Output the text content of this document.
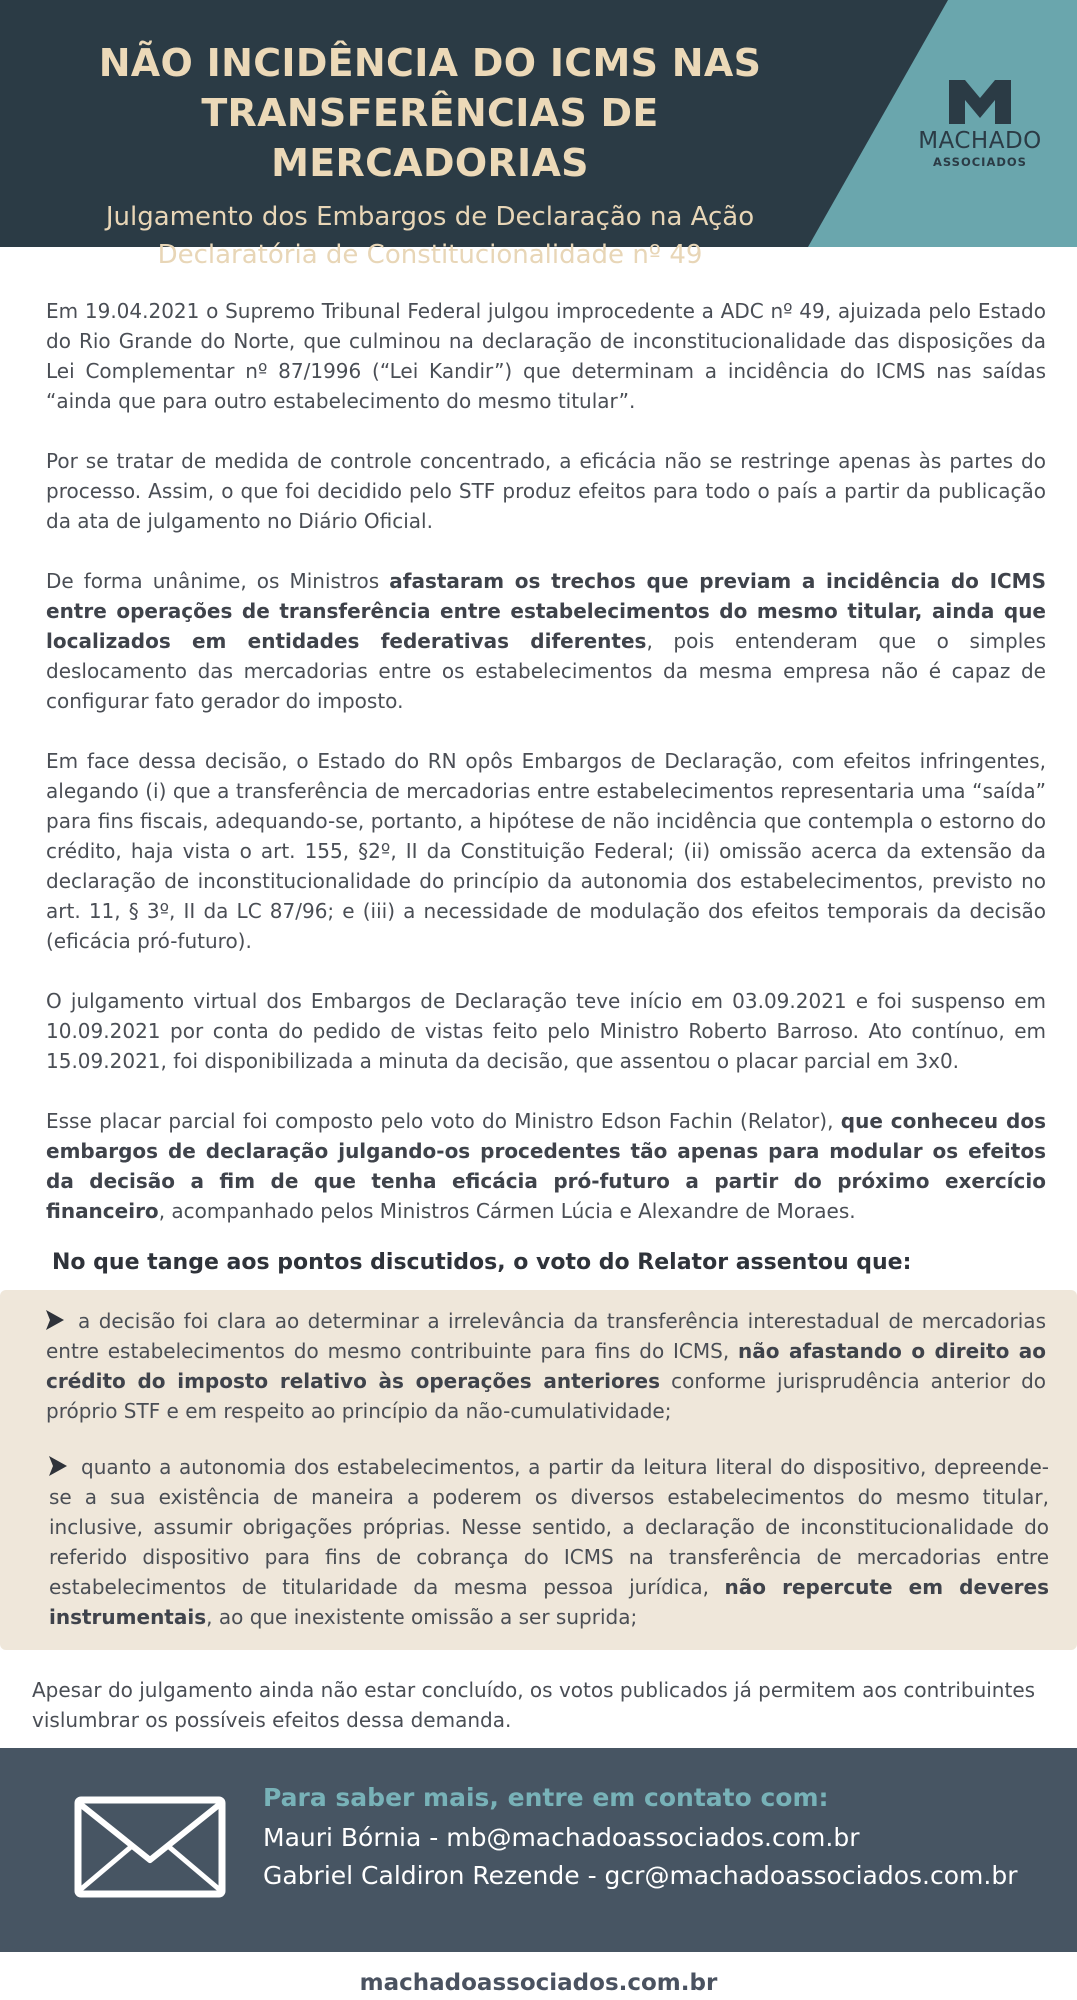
NÃO INCIDÊNCIA DO ICMS NAS
TRANSFERÊNCIAS DE MERCADORIAS
Julgamento dos Embargos de Declaração na Ação
Declaratória de Constitucionalidade nº 49
MACHADO
ASSOCIADOS

Em 19.04.2021 o Supremo Tribunal Federal julgou improcedente a ADC nº 49, ajuizada pelo Estado do Rio Grande do Norte, que culminou na declaração de inconstitucionalidade das disposições da Lei Complementar nº 87/1996 (“Lei Kandir”) que determinam a incidência do ICMS nas saídas “ainda que para outro estabelecimento do mesmo titular”.

Por se tratar de medida de controle concentrado, a eficácia não se restringe apenas às partes do processo. Assim, o que foi decidido pelo STF produz efeitos para todo o país a partir da publicação da ata de julgamento no Diário Oficial.

De forma unânime, os Ministros afastaram os trechos que previam a incidência do ICMS entre operações de transferência entre estabelecimentos do mesmo titular, ainda que localizados em entidades federativas diferentes, pois entenderam que o simples deslocamento das mercadorias entre os estabelecimentos da mesma empresa não é capaz de configurar fato gerador do imposto.

Em face dessa decisão, o Estado do RN opôs Embargos de Declaração, com efeitos infringentes, alegando (i) que a transferência de mercadorias entre estabelecimentos representaria uma “saída” para fins fiscais, adequando-se, portanto, a hipótese de não incidência que contempla o estorno do crédito, haja vista o art. 155, §2º, II da Constituição Federal; (ii) omissão acerca da extensão da declaração de inconstitucionalidade do princípio da autonomia dos estabelecimentos, previsto no art. 11, § 3º, II da LC 87/96; e (iii) a necessidade de modulação dos efeitos temporais da decisão (eficácia pró-futuro).

O julgamento virtual dos Embargos de Declaração teve início em 03.09.2021 e foi suspenso em 10.09.2021 por conta do pedido de vistas feito pelo Ministro Roberto Barroso. Ato contínuo, em 15.09.2021, foi disponibilizada a minuta da decisão, que assentou o placar parcial em 3x0.

Esse placar parcial foi composto pelo voto do Ministro Edson Fachin (Relator), que conheceu dos embargos de declaração julgando-os procedentes tão apenas para modular os efeitos da decisão a fim de que tenha eficácia pró-futuro a partir do próximo exercício financeiro, acompanhado pelos Ministros Cármen Lúcia e Alexandre de Moraes.

No que tange aos pontos discutidos, o voto do Relator assentou que:

a decisão foi clara ao determinar a irrelevância da transferência interestadual de mercadorias entre estabelecimentos do mesmo contribuinte para fins do ICMS, não afastando o direito ao crédito do imposto relativo às operações anteriores conforme jurisprudência anterior do próprio STF e em respeito ao princípio da não-cumulatividade;

quanto a autonomia dos estabelecimentos, a partir da leitura literal do dispositivo, depreende-se a sua existência de maneira a poderem os diversos estabelecimentos do mesmo titular, inclusive, assumir obrigações próprias. Nesse sentido, a declaração de inconstitucionalidade do referido dispositivo para fins de cobrança do ICMS na transferência de mercadorias entre estabelecimentos de titularidade da mesma pessoa jurídica, não repercute em deveres instrumentais, ao que inexistente omissão a ser suprida;

Apesar do julgamento ainda não estar concluído, os votos publicados já permitem aos contribuintes vislumbrar os possíveis efeitos dessa demanda.

Para saber mais, entre em contato com:

Mauri Bórnia - mb@machadoassociados.com.br

Gabriel Caldiron Rezende - gcr@machadoassociados.com.br

machadoassociados.com.br
